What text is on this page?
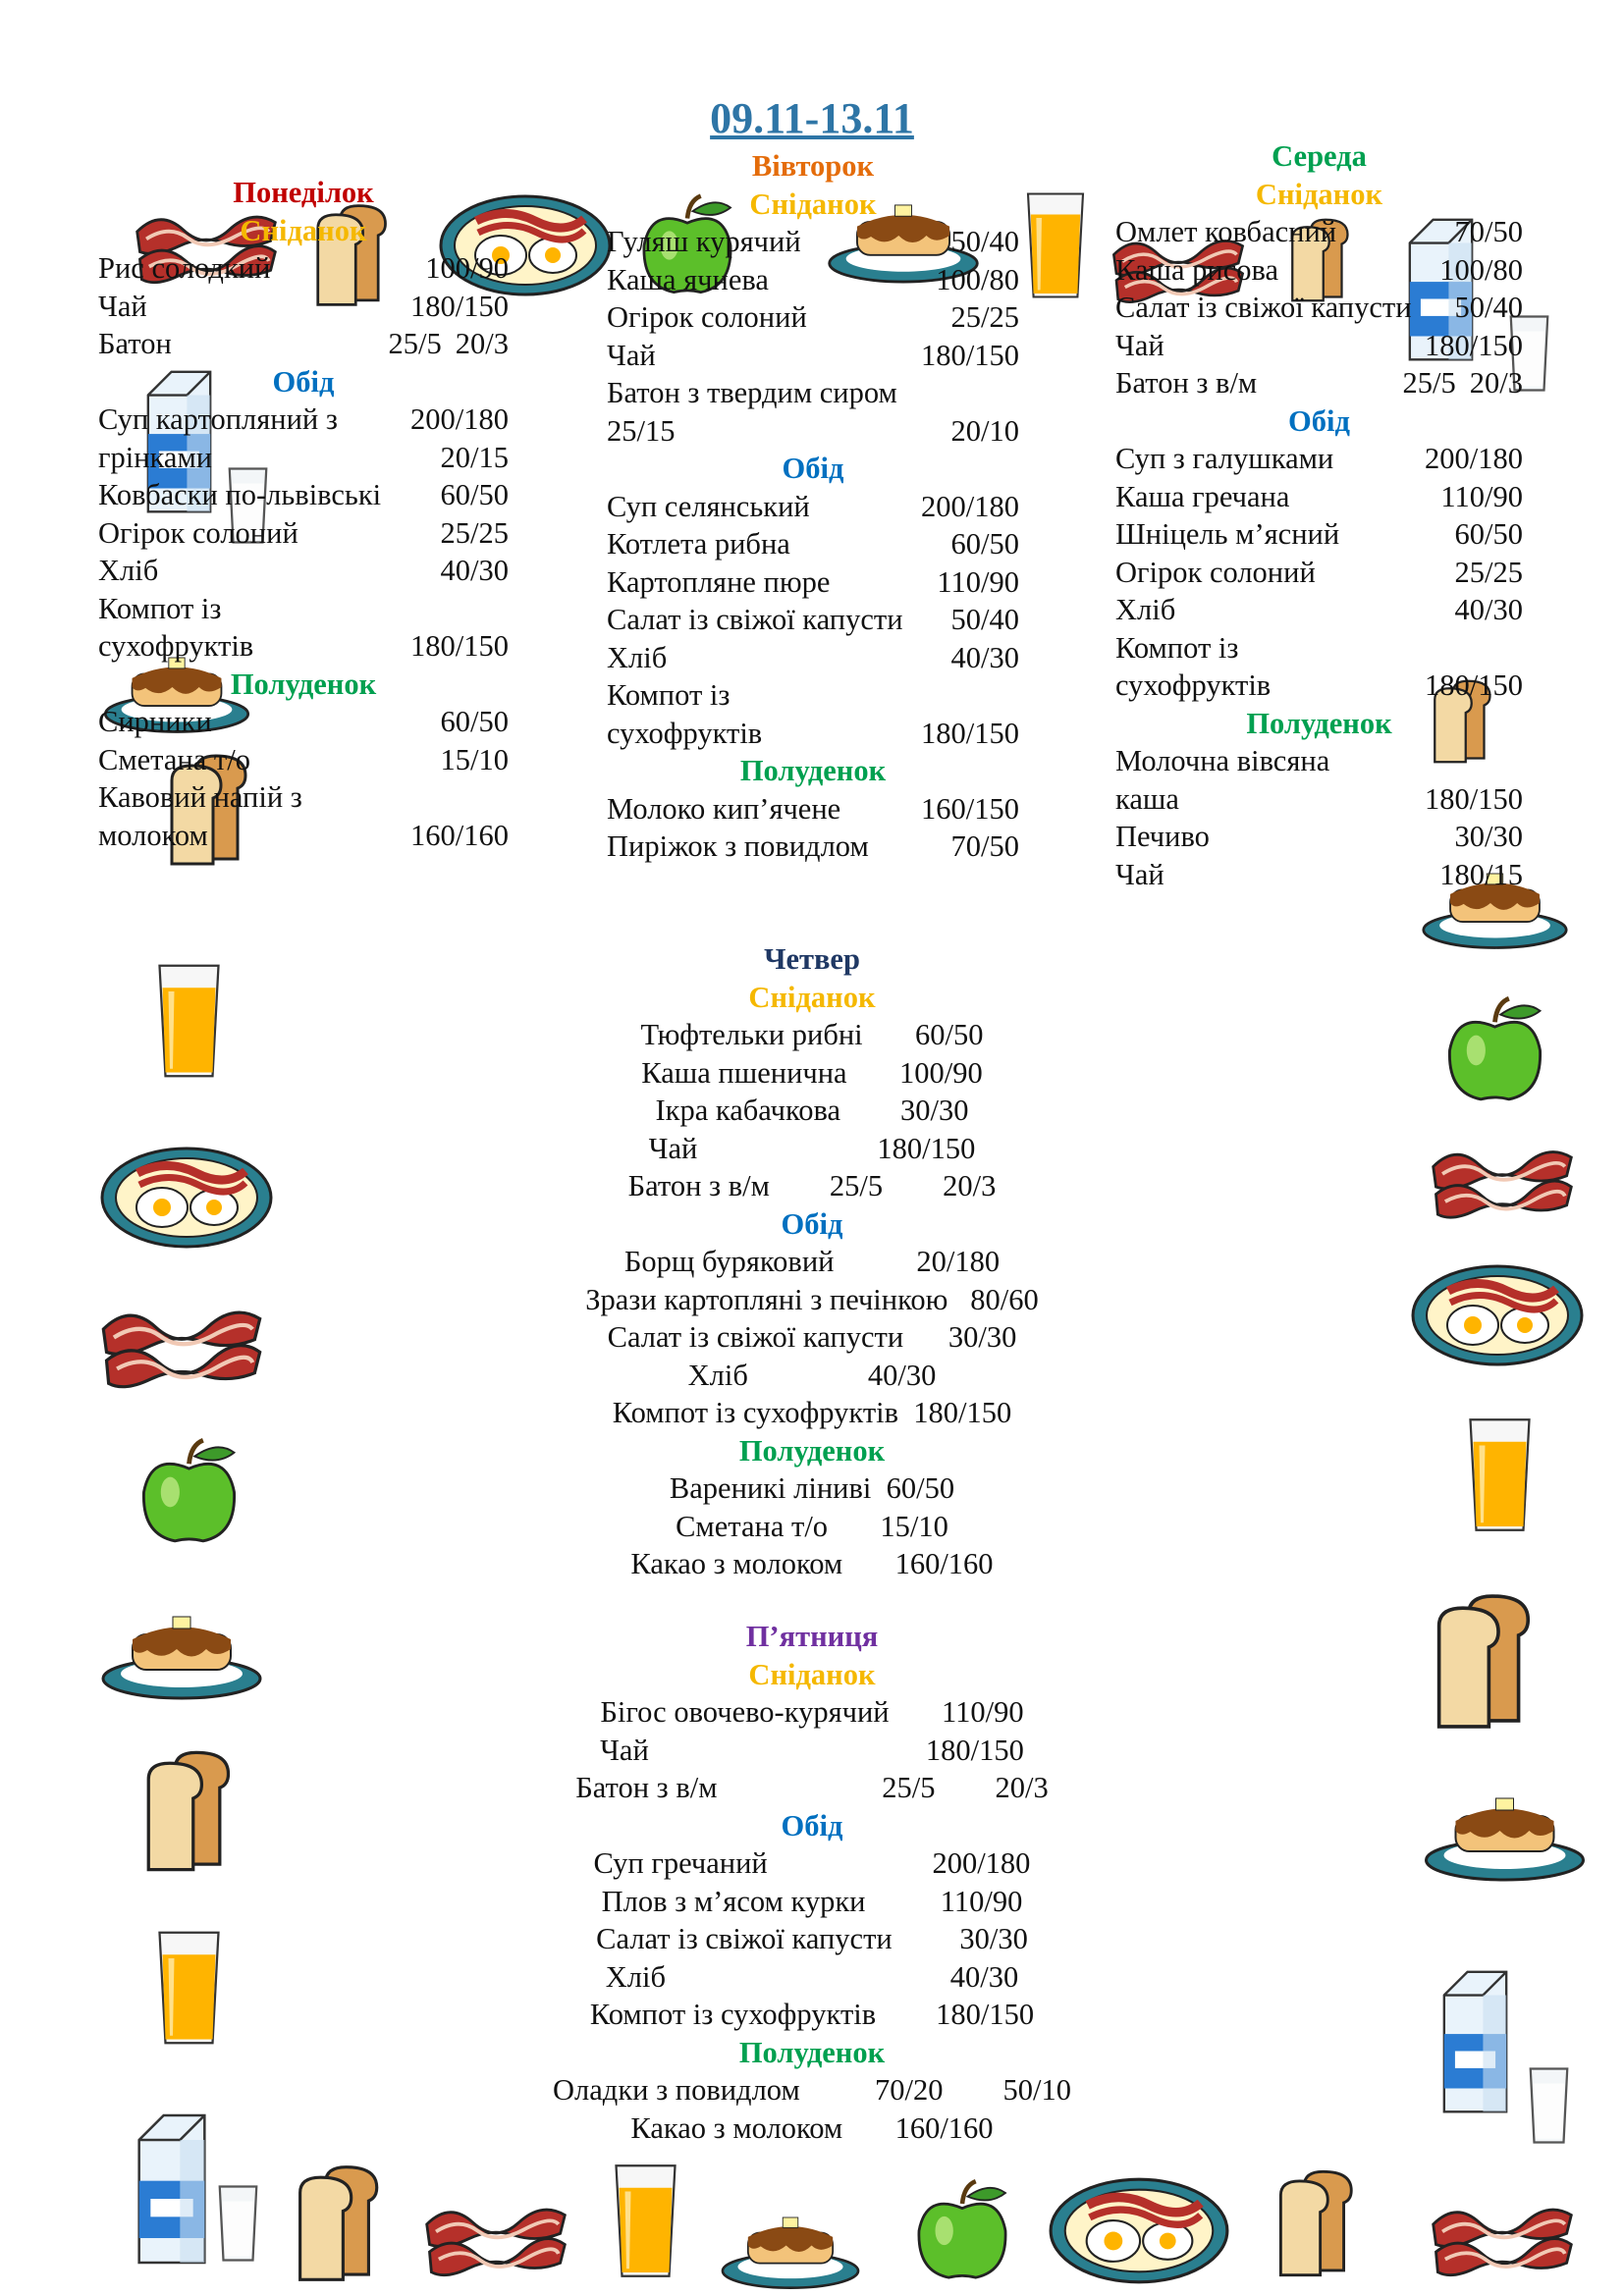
09.11-13.11
Понеділок
Сніданок
Рис солодкий	100/90
Чай	180/150
Батон	25/5 20/3
Обід
Суп картопляний з 200/180
грінками	20/15
Ковбаски по-львівські 60/50
Огірок солоний	25/25
Хліб	40/30
Компот із
сухофруктів	180/150
Полуденок
Сирники	60/50
Сметана т/о	15/10
Кавовий напій з
молоком	160/160
Вівторок
Сніданок
Гуляш курячий	50/40
Каша ячнева	100/80
Огірок солоний	25/25
Чай	180/150
Батон з твердим сиром
25/15	20/10
Обід
Суп селянський	200/180
Котлета рибна	60/50
Картопляне пюре	110/90
Салат із свіжої капусти 50/40
Хліб	40/30
Компот із
сухофруктів	180/150
Полуденок
Молоко кип’ячене	160/150
Пиріжок з повидлом	70/50
Середа
Сніданок
Омлет ковбасний	70/50
Каша рисова	100/80
Салат із свіжої капусти 50/40
Чай	180/150
Батон з в/м	25/5 20/3
Обід
Суп з галушками	200/180
Каша гречана	110/90
Шніцель м’ясний	60/50
Огірок солоний	25/25
Хліб	40/30
Компот із
сухофруктів	180/150
Полуденок
Молочна вівсяна
каша	180/150
Печиво	30/30
Чай	180/15
Четвер
Сніданок
Тюфтельки рибні       60/50
Каша пшенична       100/90
Ікра кабачкова        30/30
Чай                        180/150
Батон з в/м        25/5        20/3
Обід
Борщ буряковий           20/180
Зрази картопляні з печінкою   80/60
Салат із свіжої капусти      30/30
Хліб                40/30
Компот із сухофруктів  180/150
Полуденок
Вареникі ліниві  60/50
Сметана т/о       15/10
Какао з молоком       160/160
П’ятниця
Сніданок
Бігос овочево-курячий       110/90
Чай                                     180/150
Батон з в/м                      25/5        20/3
Обід
Суп гречаний                      200/180
Плов з м’ясом курки          110/90
Салат із свіжої капусти         30/30
Хліб                                      40/30
Компот із сухофруктів        180/150
Полуденок
Оладки з повидлом          70/20        50/10
Какао з молоком       160/160
